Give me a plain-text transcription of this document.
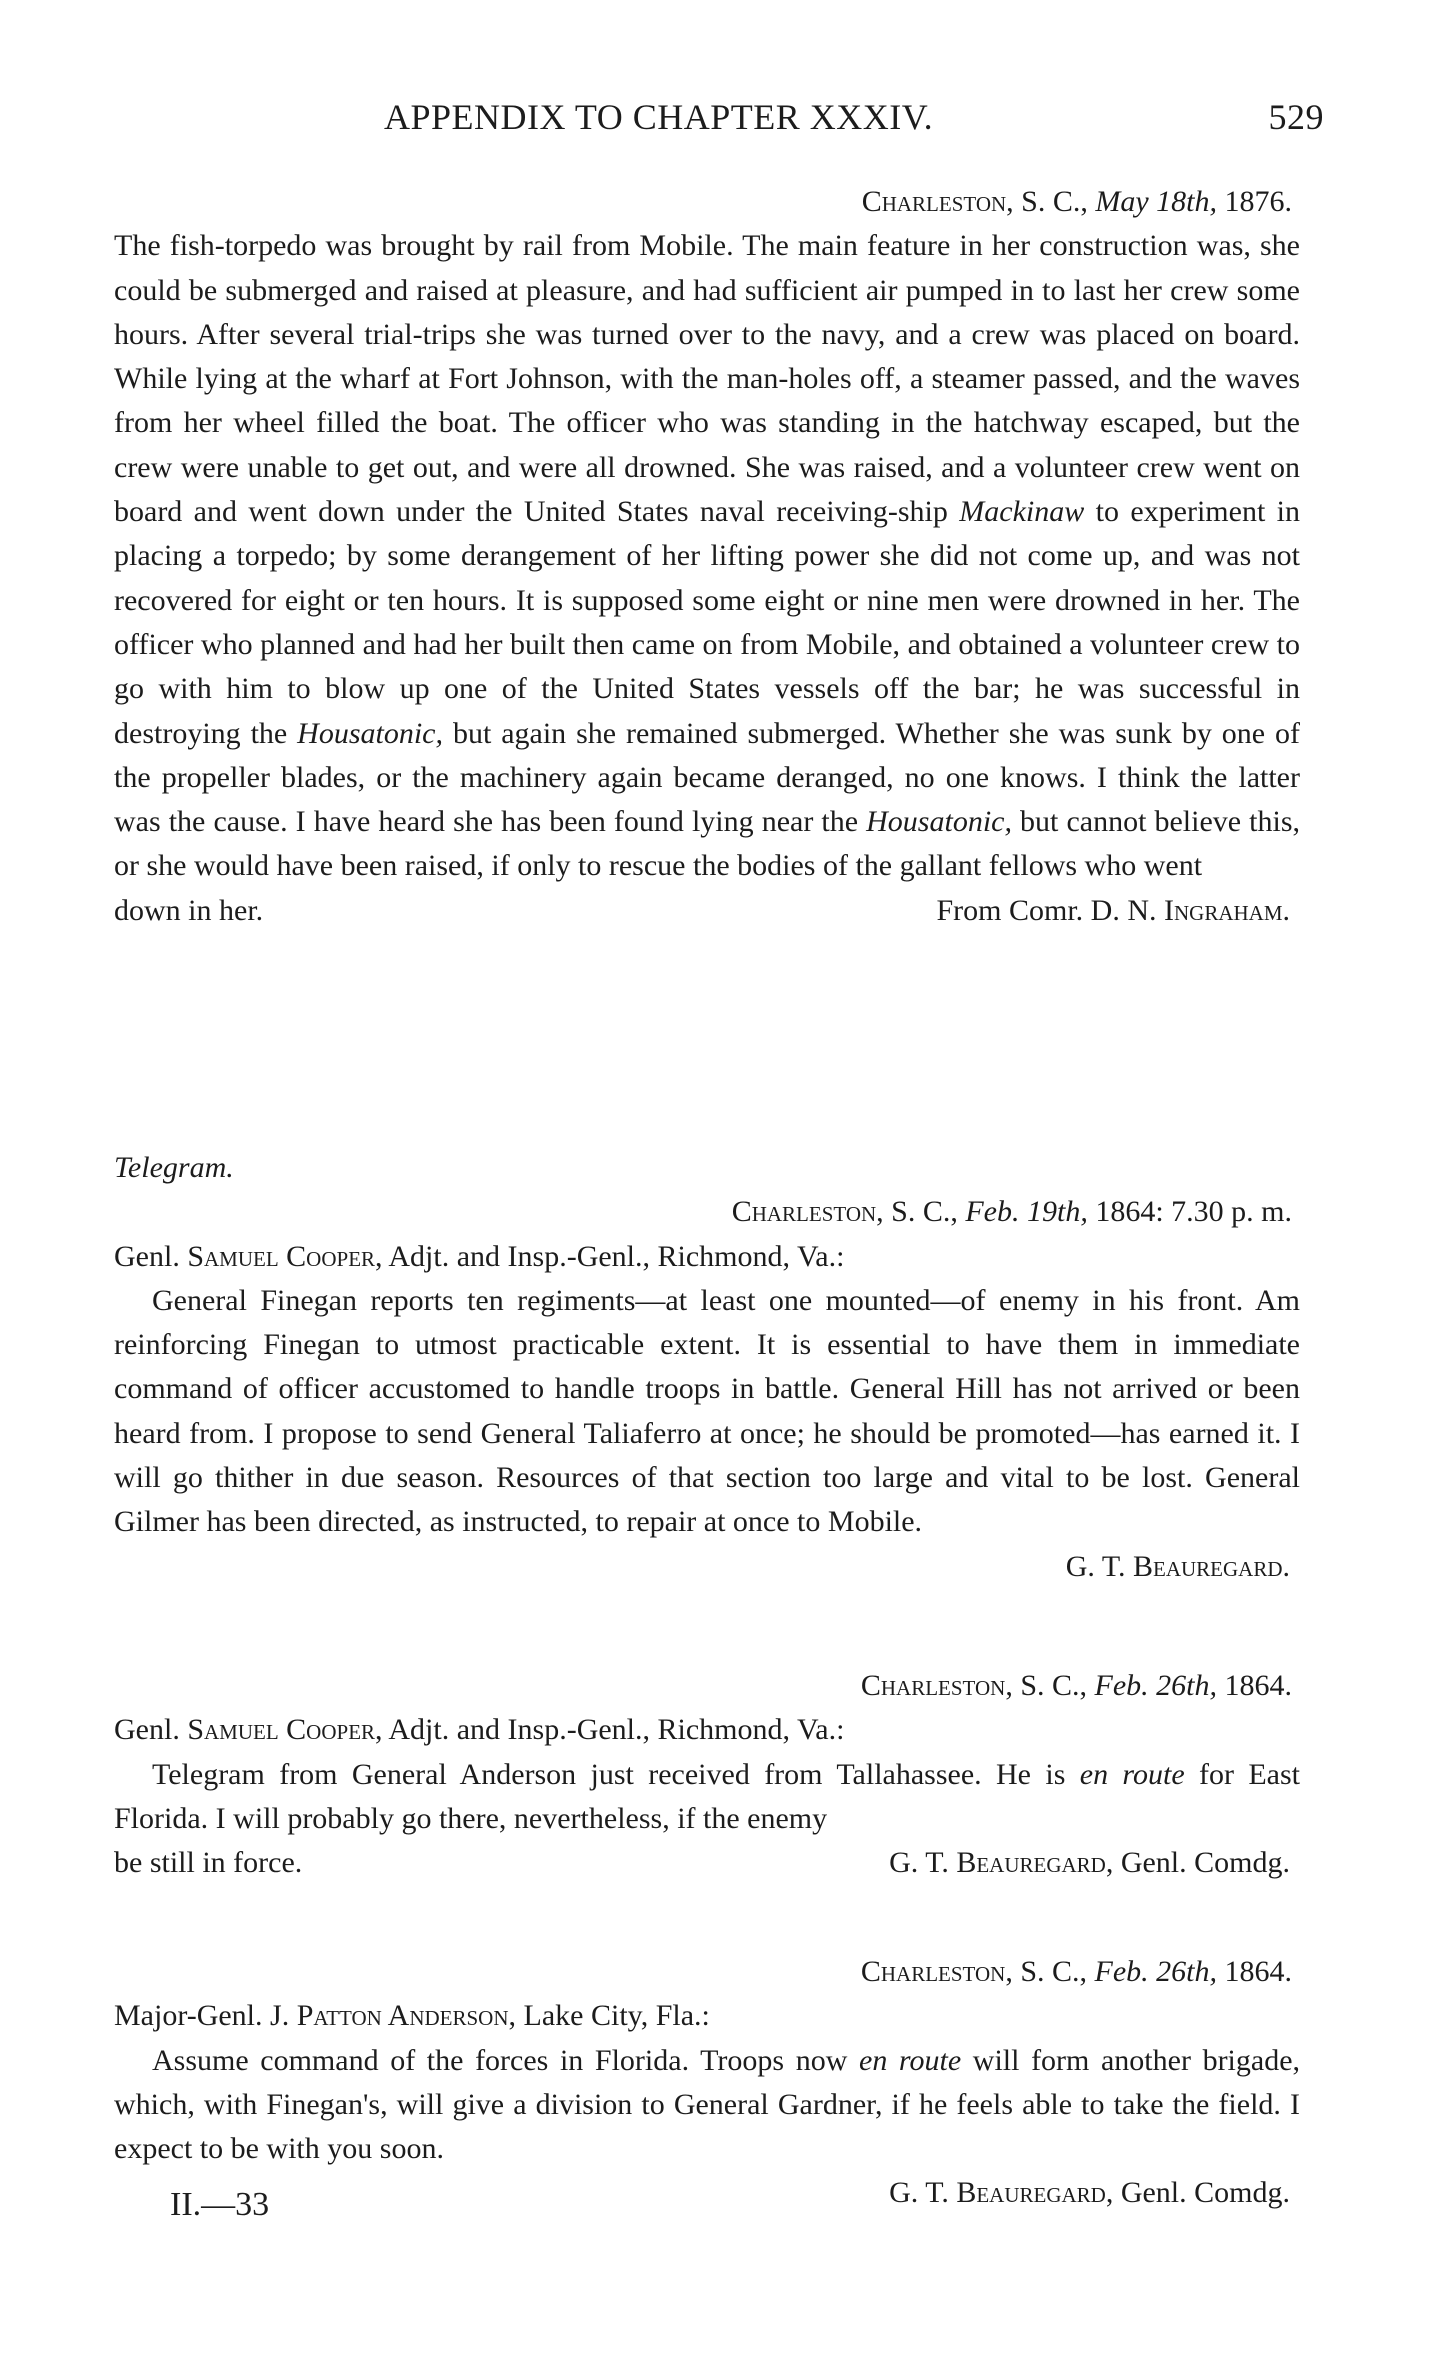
APPENDIX TO CHAPTER XXXIV.	529

Charleston, S. C., May 18th, 1876.

The fish-torpedo was brought by rail from Mobile. The main feature in her construction was, she could be submerged and raised at pleasure, and had sufficient air pumped in to last her crew some hours. After several trial-trips she was turned over to the navy, and a crew was placed on board. While lying at the wharf at Fort Johnson, with the man-holes off, a steamer passed, and the waves from her wheel filled the boat. The officer who was standing in the hatchway escaped, but the crew were unable to get out, and were all drowned. She was raised, and a volunteer crew went on board and went down under the United States naval receiving-ship Mackinaw to experiment in placing a torpedo; by some derangement of her lifting power she did not come up, and was not recovered for eight or ten hours. It is supposed some eight or nine men were drowned in her. The officer who planned and had her built then came on from Mobile, and obtained a volunteer crew to go with him to blow up one of the United States vessels off the bar; he was successful in destroying the Housatonic, but again she remained submerged. Whether she was sunk by one of the propeller blades, or the machinery again became deranged, no one knows. I think the latter was the cause. I have heard she has been found lying near the Housatonic, but cannot believe this, or she would have been raised, if only to rescue the bodies of the gallant fellows who went

down in her.	From Comr. D. N. Ingraham.

Telegram.

Charleston, S. C., Feb. 19th, 1864: 7.30 p. m.

Genl. Samuel Cooper, Adjt. and Insp.-Genl., Richmond, Va.:

General Finegan reports ten regiments—at least one mounted—of enemy in his front. Am reinforcing Finegan to utmost practicable extent. It is essential to have them in immediate command of officer accustomed to handle troops in battle. General Hill has not arrived or been heard from. I propose to send General Taliaferro at once; he should be promoted—has earned it. I will go thither in due season. Resources of that section too large and vital to be lost. General Gilmer has been directed, as instructed, to repair at once to Mobile.

G. T. Beauregard.

Charleston, S. C., Feb. 26th, 1864.

Genl. Samuel Cooper, Adjt. and Insp.-Genl., Richmond, Va.:

Telegram from General Anderson just received from Tallahassee. He is en route for East Florida. I will probably go there, nevertheless, if the enemy

be still in force.	G. T. Beauregard, Genl. Comdg.

Charleston, S. C., Feb. 26th, 1864.

Major-Genl. J. Patton Anderson, Lake City, Fla.:

Assume command of the forces in Florida. Troops now en route will form another brigade, which, with Finegan's, will give a division to General Gardner, if he feels able to take the field. I expect to be with you soon.

G. T. Beauregard, Genl. Comdg.

II.—33
